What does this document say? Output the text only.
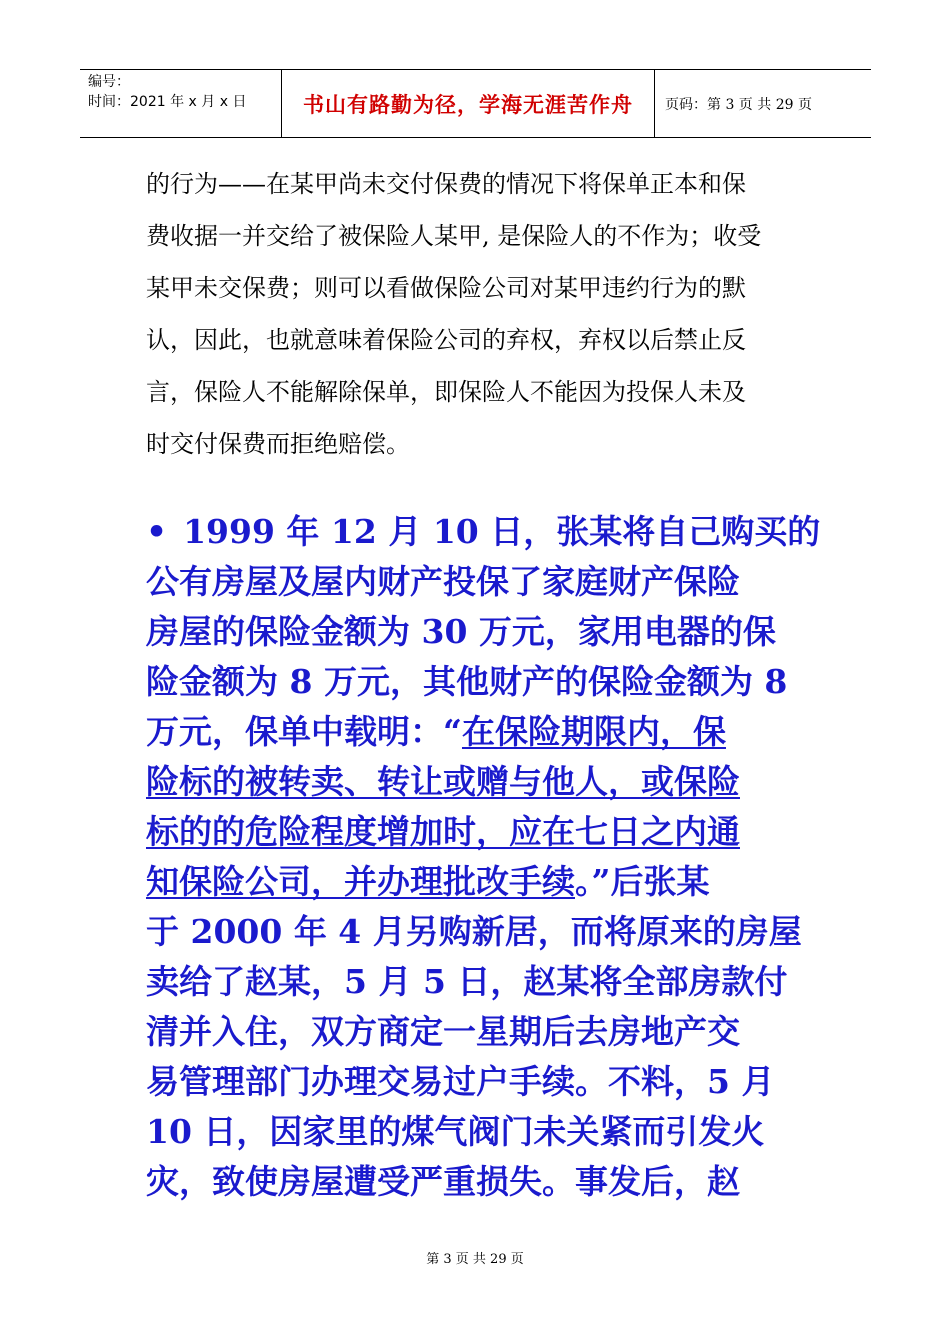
编号：
时间：2021 年 x 月 x 日	书山有路勤为径，学海无涯苦作舟	页码：第 3 页 共 29 页
的行为——在某甲尚未交付保费的情况下将保单正本和保
费收据一并交给了被保险人某甲, 是保险人的不作为；收受
某甲未交保费；则可以看做保险公司对某甲违约行为的默
认，因此，也就意味着保险公司的弃权，弃权以后禁止反
言，保险人不能解除保单，即保险人不能因为投保人未及
时交付保费而拒绝赔偿。
• 1999 年 12 月 10 日，张某将自己购买的
公有房屋及屋内财产投保了家庭财产保险
房屋的保险金额为 30 万元，家用电器的保
险金额为 8 万元，其他财产的保险金额为 8
万元，保单中载明：“在保险期限内，保
险标的被转卖、转让或赠与他人，或保险
标的的危险程度增加时，应在七日之内通
知保险公司，并办理批改手续。”后张某
于 2000 年 4 月另购新居，而将原来的房屋
卖给了赵某，5 月 5 日，赵某将全部房款付
清并入住，双方商定一星期后去房地产交
易管理部门办理交易过户手续。不料，5 月
10 日，因家里的煤气阀门未关紧而引发火
灾，致使房屋遭受严重损失。事发后，赵
第 3 页 共 29 页
